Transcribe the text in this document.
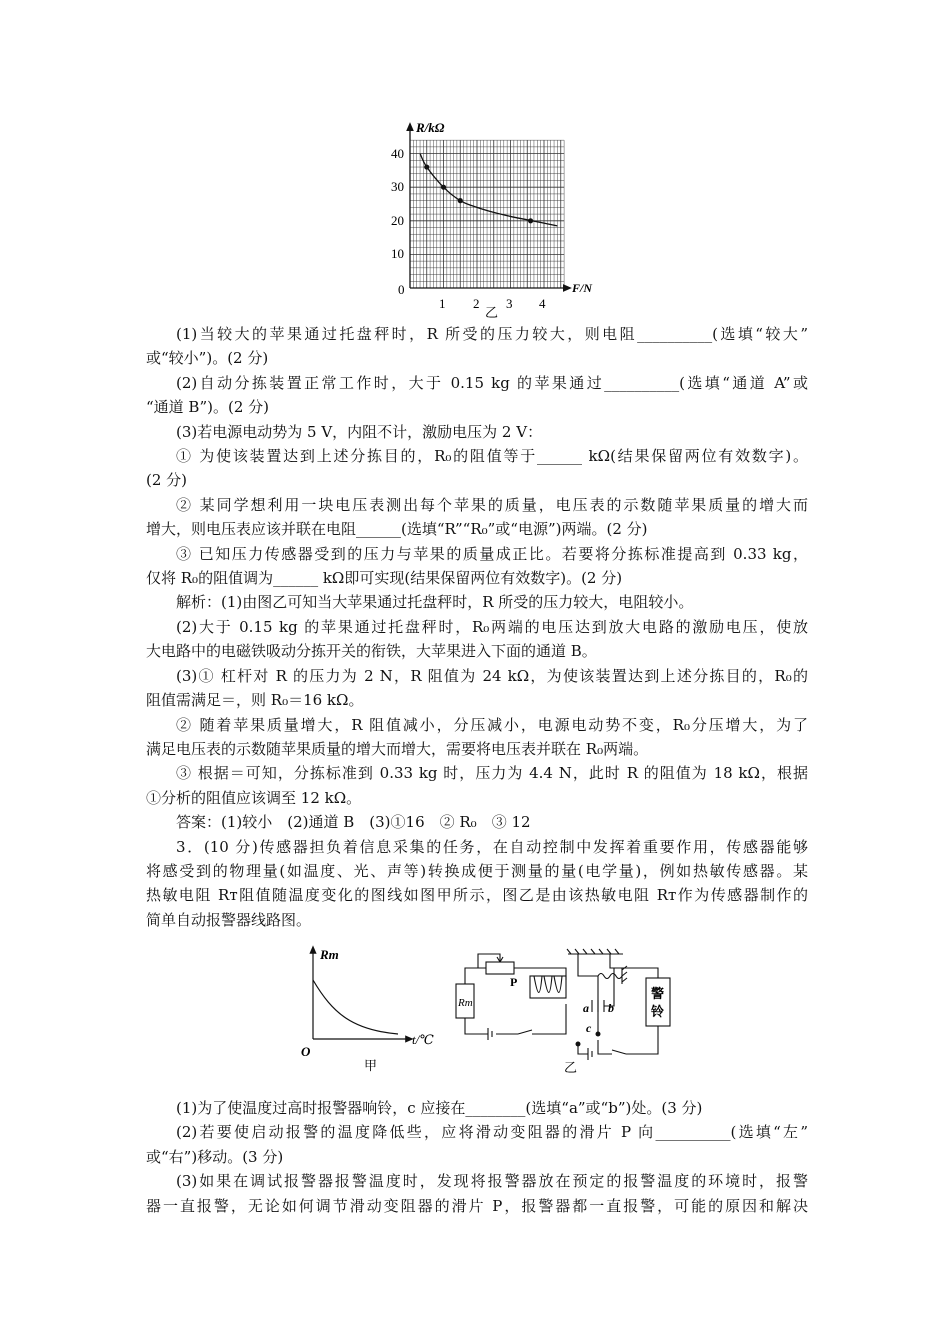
R/kΩ
F/N
0
40
30
20
10
1 2 3 4
乙

(1)当较大的苹果通过托盘秤时，R 所受的压力较大，则电阻__________(选填“较大”

或“较小”)。(2 分)

(2)自动分拣装置正常工作时，大于 0.15 kg 的苹果通过__________(选填“通道 A”或

“通道 B”)。(2 分)

(3)若电源电动势为 5 V，内阻不计，激励电压为 2 V：

① 为使该装置达到上述分拣目的，R₀的阻值等于______ kΩ(结果保留两位有效数字)。

(2 分)

② 某同学想利用一块电压表测出每个苹果的质量，电压表的示数随苹果质量的增大而

增大，则电压表应该并联在电阻______(选填“R”“R₀”或“电源”)两端。(2 分)

③ 已知压力传感器受到的压力与苹果的质量成正比。若要将分拣标准提高到 0.33 kg，

仅将 R₀的阻值调为______ kΩ即可实现(结果保留两位有效数字)。(2 分)

解析：(1)由图乙可知当大苹果通过托盘秤时，R 所受的压力较大，电阻较小。

(2)大于 0.15 kg 的苹果通过托盘秤时，R₀两端的电压达到放大电路的激励电压，使放

大电路中的电磁铁吸动分拣开关的衔铁，大苹果进入下面的通道 B。

(3)① 杠杆对 R 的压力为 2 N，R 阻值为 24 kΩ，为使该装置达到上述分拣目的，R₀的

阻值需满足＝，则 R₀＝16 kΩ。

② 随着苹果质量增大，R 阻值减小，分压减小，电源电动势不变，R₀分压增大，为了

满足电压表的示数随苹果质量的增大而增大，需要将电压表并联在 R₀两端。

③ 根据＝可知，分拣标准到 0.33 kg 时，压力为 4.4 N，此时 R 的阻值为 18 kΩ，根据

①分析的阻值应该调至 12 kΩ。

答案：(1)较小　(2)通道 B　(3)①16　② R₀　③ 12

3．(10 分)传感器担负着信息采集的任务，在自动控制中发挥着重要作用，传感器能够

将感受到的物理量(如温度、光、声等)转换成便于测量的量(电学量)，例如热敏传感器。某

热敏电阻 Rт阻值随温度变化的图线如图甲所示，图乙是由该热敏电阻 Rт作为传感器制作的

简单自动报警器线路图。

Rт
t/℃
O
甲
Rт
P
警
铃
a b
c
乙

(1)为了使温度过高时报警器响铃，c 应接在________(选填“a”或“b”)处。(3 分)

(2)若要使启动报警的温度降低些，应将滑动变阻器的滑片 P 向__________(选填“左”

或“右”)移动。(3 分)

(3)如果在调试报警器报警温度时，发现将报警器放在预定的报警温度的环境时，报警

器一直报警，无论如何调节滑动变阻器的滑片 P，报警器都一直报警，可能的原因和解决
